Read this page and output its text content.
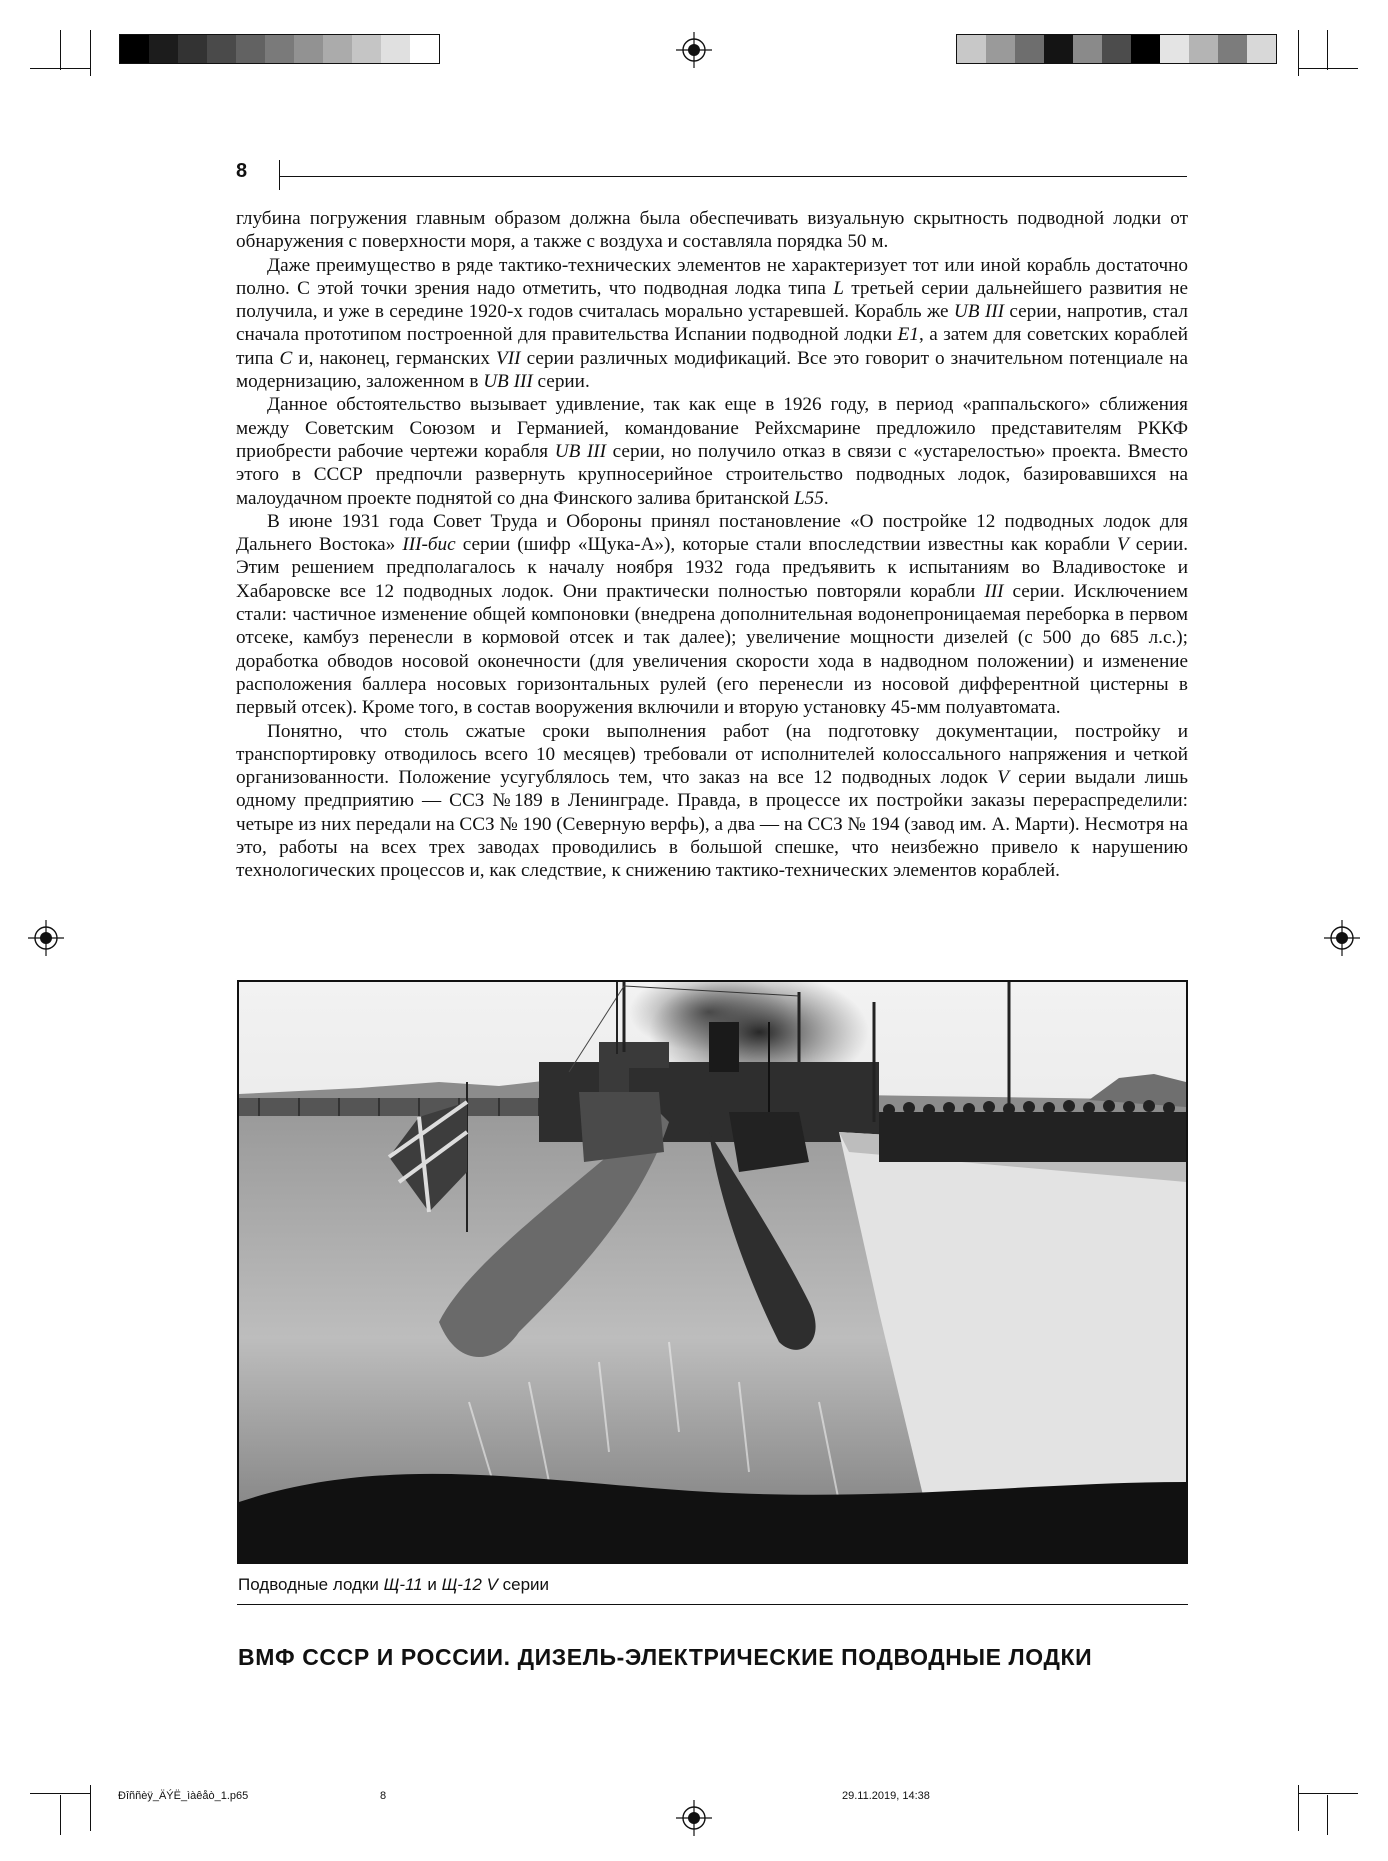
8

глубина погружения главным образом должна была обеспечивать визуальную скрытность подводной лодки от обнаружения с поверхности моря, а также с воздуха и составляла порядка 50 м.

Даже преимущество в ряде тактико-технических элементов не характеризует тот или иной корабль достаточно полно. С этой точки зрения надо отметить, что подводная лодка типа L третьей серии дальнейшего развития не получила, и уже в середине 1920-х годов считалась морально устаревшей. Корабль же UB III серии, напротив, стал сначала прототипом построенной для правительства Испании подводной лодки E1, а затем для советских кораблей типа С и, наконец, германских VII серии различных модификаций. Все это говорит о значительном потенциале на модернизацию, заложенном в UB III серии.

Данное обстоятельство вызывает удивление, так как еще в 1926 году, в период «раппальского» сближения между Советским Союзом и Германией, командование Рейхсмарине предложило представителям РККФ приобрести рабочие чертежи корабля UB III серии, но получило отказ в связи с «устарелостью» проекта. Вместо этого в СССР предпочли развернуть крупносерийное строительство подводных лодок, базировавшихся на малоудачном проекте поднятой со дна Финского залива британской L55.

В июне 1931 года Совет Труда и Обороны принял постановление «О постройке 12 подводных лодок для Дальнего Востока» III-бис серии (шифр «Щука-А»), которые стали впоследствии известны как корабли V серии. Этим решением предполагалось к началу ноября 1932 года предъявить к испытаниям во Владивостоке и Хабаровске все 12 подводных лодок. Они практически полностью повторяли корабли III серии. Исключением стали: частичное изменение общей компоновки (внедрена дополнительная водонепроницаемая переборка в первом отсеке, камбуз перенесли в кормовой отсек и так далее); увеличение мощности дизелей (с 500 до 685 л.с.); доработка обводов носовой оконечности (для увеличения скорости хода в надводном положении) и изменение расположения баллера носовых горизонтальных рулей (его перенесли из носовой дифферентной цистерны в первый отсек). Кроме того, в состав вооружения включили и вторую установку 45-мм полуавтомата.

Понятно, что столь сжатые сроки выполнения работ (на подготовку документации, постройку и транспортировку отводилось всего 10 месяцев) требовали от исполнителей колоссального напряжения и четкой организованности. Положение усугублялось тем, что заказ на все 12 подводных лодок V серии выдали лишь одному предприятию — ССЗ №189 в Ленинграде. Правда, в процессе их постройки заказы перераспределили: четыре из них передали на ССЗ № 190 (Северную верфь), а два — на ССЗ № 194 (завод им. А. Марти). Несмотря на это, работы на всех трех заводах проводились в большой спешке, что неизбежно привело к нарушению технологических процессов и, как следствие, к снижению тактико-технических элементов кораблей.

Подводные лодки Щ-11 и Щ-12 V серии
ВМФ СССР И РОССИИ. ДИЗЕЛЬ-ЭЛЕКТРИЧЕСКИЕ ПОДВОДНЫЕ ЛОДКИ
Ðîññèÿ_ÄÝË_ìàêåò_1.p65	8	29.11.2019, 14:38
